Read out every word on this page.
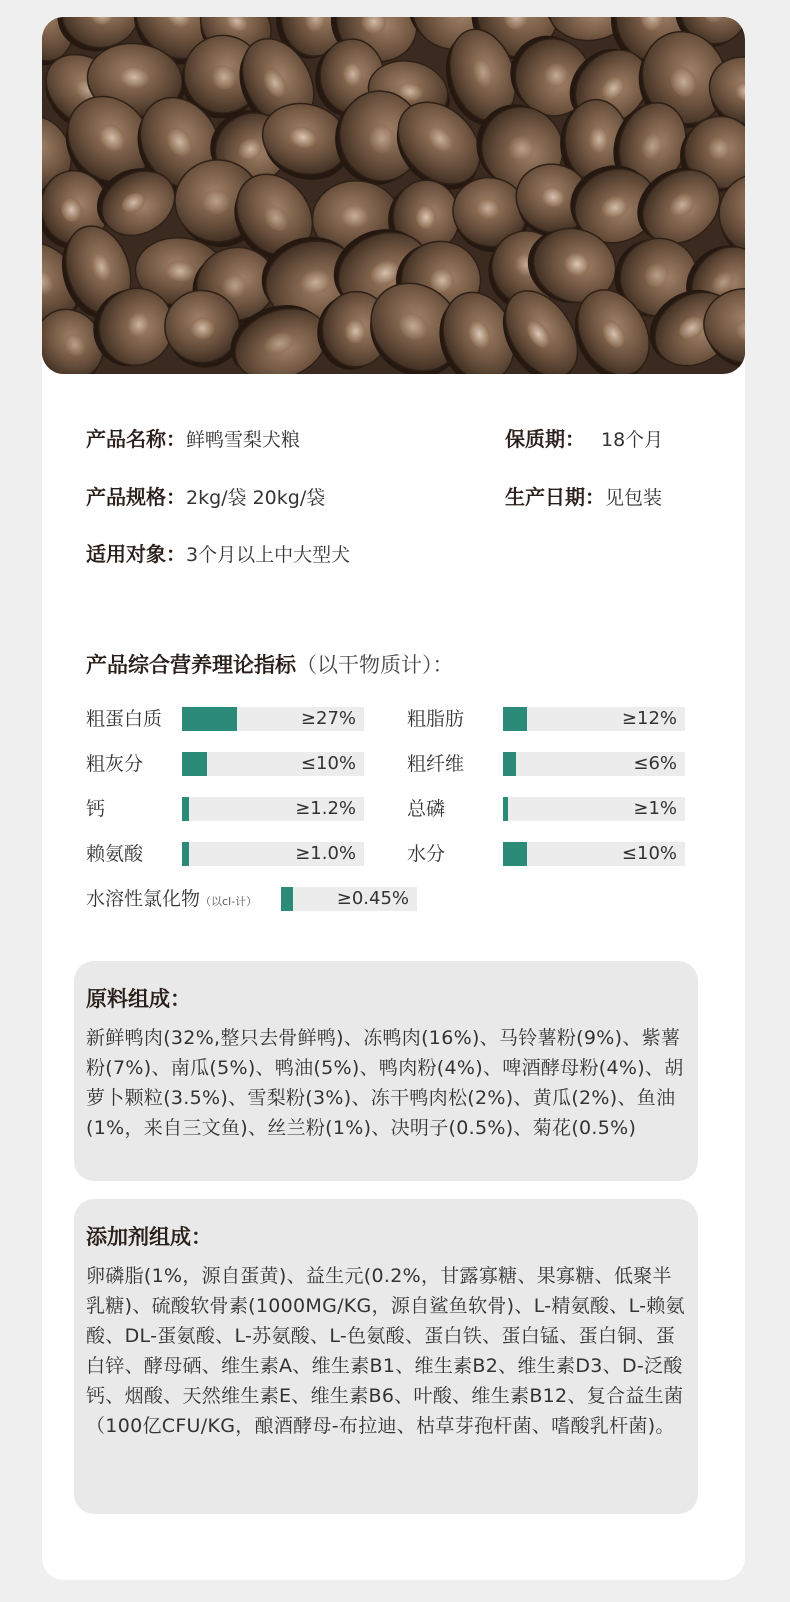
产品名称：鲜鸭雪梨犬粮	保质期： 18个月
产品规格：2kg/袋 20kg/袋	生产日期：见包装
适用对象：3个月以上中大型犬
产品综合营养理论指标（以干物质计）：
粗蛋白质	≥27%	粗脂肪	≥12%
粗灰分	≤10%	粗纤维	≤6%
钙	≥1.2%	总磷	≥1%
赖氨酸	≥1.0%	水分	≤10%
水溶性氯化物（以cl-计）	≥0.45%
原料组成：

新鲜鸭肉(32%,整只去骨鲜鸭)、冻鸭肉(16%)、马铃薯粉(9%)、紫薯粉(7%)、南瓜(5%)、鸭油(5%)、鸭肉粉(4%)、啤酒酵母粉(4%)、胡萝卜颗粒(3.5%)、雪梨粉(3%)、冻干鸭肉松(2%)、黄瓜(2%)、鱼油(1%，来自三文鱼)、丝兰粉(1%)、决明子(0.5%)、菊花(0.5%)

添加剂组成：

卵磷脂(1%，源自蛋黄)、益生元(0.2%，甘露寡糖、果寡糖、低聚半乳糖)、硫酸软骨素(1000MG/KG，源自鲨鱼软骨)、L-精氨酸、L-赖氨酸、DL-蛋氨酸、L-苏氨酸、L-色氨酸、蛋白铁、蛋白锰、蛋白铜、蛋白锌、酵母硒、维生素A、维生素B1、维生素B2、维生素D3、D-泛酸钙、烟酸、天然维生素E、维生素B6、叶酸、维生素B12、复合益生菌（100亿CFU/KG，酿酒酵母-布拉迪、枯草芽孢杆菌、嗜酸乳杆菌)。
